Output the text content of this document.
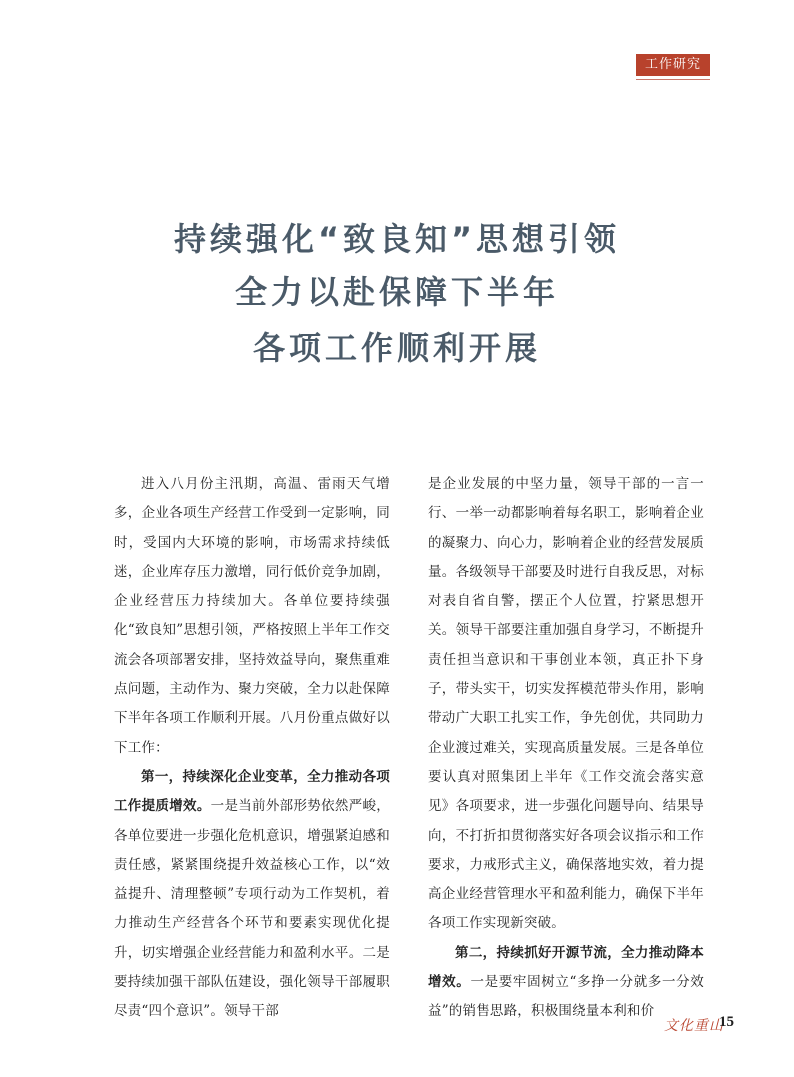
工作研究
持续强化“致良知”思想引领
全力以赴保障下半年
各项工作顺利开展

进入八月份主汛期，高温、雷雨天气增多，企业各项生产经营工作受到一定影响，同时，受国内大环境的影响，市场需求持续低迷，企业库存压力激增，同行低价竞争加剧，企业经营压力持续加大。各单位要持续强化“致良知”思想引领，严格按照上半年工作交流会各项部署安排，坚持效益导向，聚焦重难点问题，主动作为、聚力突破，全力以赴保障下半年各项工作顺利开展。八月份重点做好以下工作：

第一，持续深化企业变革，全力推动各项工作提质增效。一是当前外部形势依然严峻，各单位要进一步强化危机意识，增强紧迫感和责任感，紧紧围绕提升效益核心工作，以“效益提升、清理整顿”专项行动为工作契机，着力推动生产经营各个环节和要素实现优化提升，切实增强企业经营能力和盈利水平。二是要持续加强干部队伍建设，强化领导干部履职尽责“四个意识”。领导干部

是企业发展的中坚力量，领导干部的一言一行、一举一动都影响着每名职工，影响着企业的凝聚力、向心力，影响着企业的经营发展质量。各级领导干部要及时进行自我反思，对标对表自省自警，摆正个人位置，拧紧思想开关。领导干部要注重加强自身学习，不断提升责任担当意识和干事创业本领，真正扑下身子，带头实干，切实发挥模范带头作用，影响带动广大职工扎实工作，争先创优，共同助力企业渡过难关，实现高质量发展。三是各单位要认真对照集团上半年《工作交流会落实意见》各项要求，进一步强化问题导向、结果导向，不打折扣贯彻落实好各项会议指示和工作要求，力戒形式主义，确保落地实效，着力提高企业经营管理水平和盈利能力，确保下半年各项工作实现新突破。

第二，持续抓好开源节流，全力推动降本增效。一是要牢固树立“多挣一分就多一分效益”的销售思路，积极围绕量本利和价

文化重山
15
